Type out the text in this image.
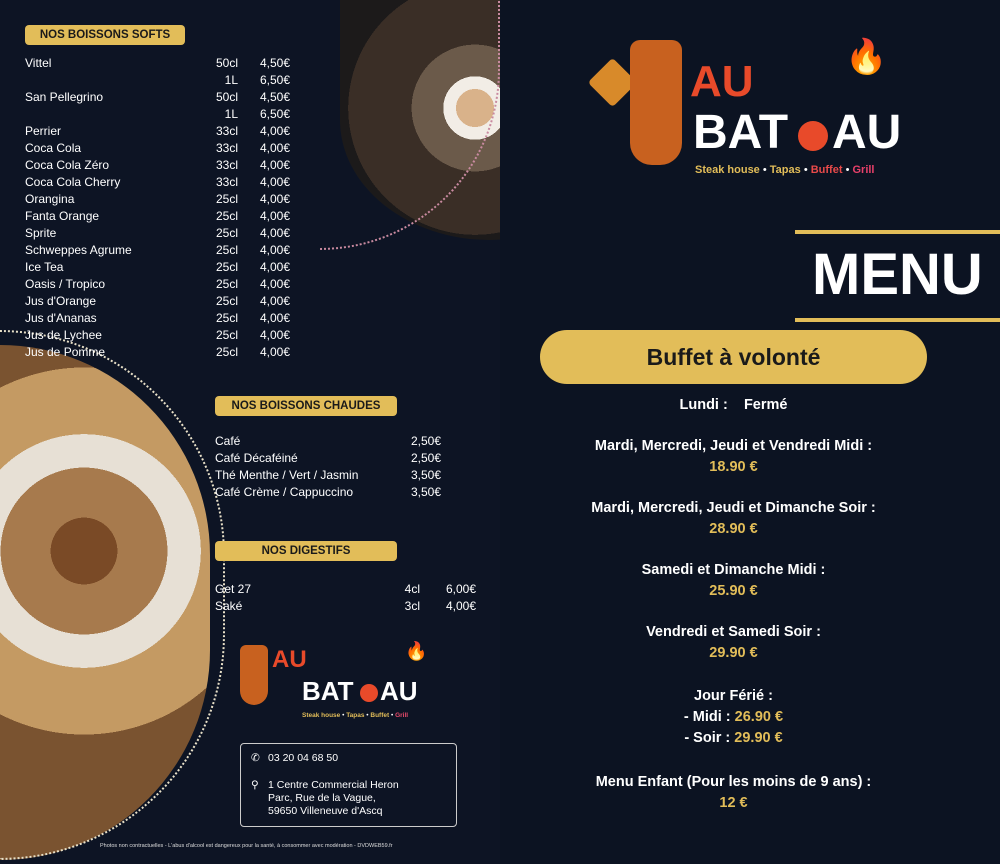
NOS BOISSONS SOFTS
Vittel	50cl	4,50€
1L	6,50€
San Pellegrino	50cl	4,50€
1L	6,50€
Perrier	33cl	4,00€
Coca Cola	33cl	4,00€
Coca Cola Zéro	33cl	4,00€
Coca Cola Cherry	33cl	4,00€
Orangina	25cl	4,00€
Fanta Orange	25cl	4,00€
Sprite	25cl	4,00€
Schweppes Agrume	25cl	4,00€
Ice Tea	25cl	4,00€
Oasis / Tropico	25cl	4,00€
Jus d'Orange	25cl	4,00€
Jus d'Ananas	25cl	4,00€
Jus de Lychee	25cl	4,00€
Jus de Pomme	25cl	4,00€
NOS BOISSONS CHAUDES
Café	2,50€
Café Décaféiné	2,50€
Thé Menthe / Vert / Jasmin	3,50€
Café Crème / Cappuccino	3,50€
NOS DIGESTIFS
Get 27	4cl	6,00€
Saké	3cl	4,00€
AU
BAT AU
🔥
Steak house • Tapas • Buffet • Grill
✆ 03 20 04 68 50
⚲ 1 Centre Commercial Heron
Parc, Rue de la Vague,
59650 Villeneuve d'Ascq
Photos non contractuelles - L'abus d'alcool est dangereux pour la santé, à consommer avec modération - DVDWEB59.fr
AU
BAT AU
🔥
Steak house • Tapas • Buffet • Grill
MENU
Buffet à volonté
Lundi : Fermé
Mardi, Mercredi, Jeudi et Vendredi Midi :
18.90 €
Mardi, Mercredi, Jeudi et Dimanche Soir :
28.90 €
Samedi et Dimanche Midi :
25.90 €
Vendredi et Samedi Soir :
29.90 €
Jour Férié :
- Midi : 26.90 €
- Soir : 29.90 €
Menu Enfant (Pour les moins de 9 ans) :
12 €
